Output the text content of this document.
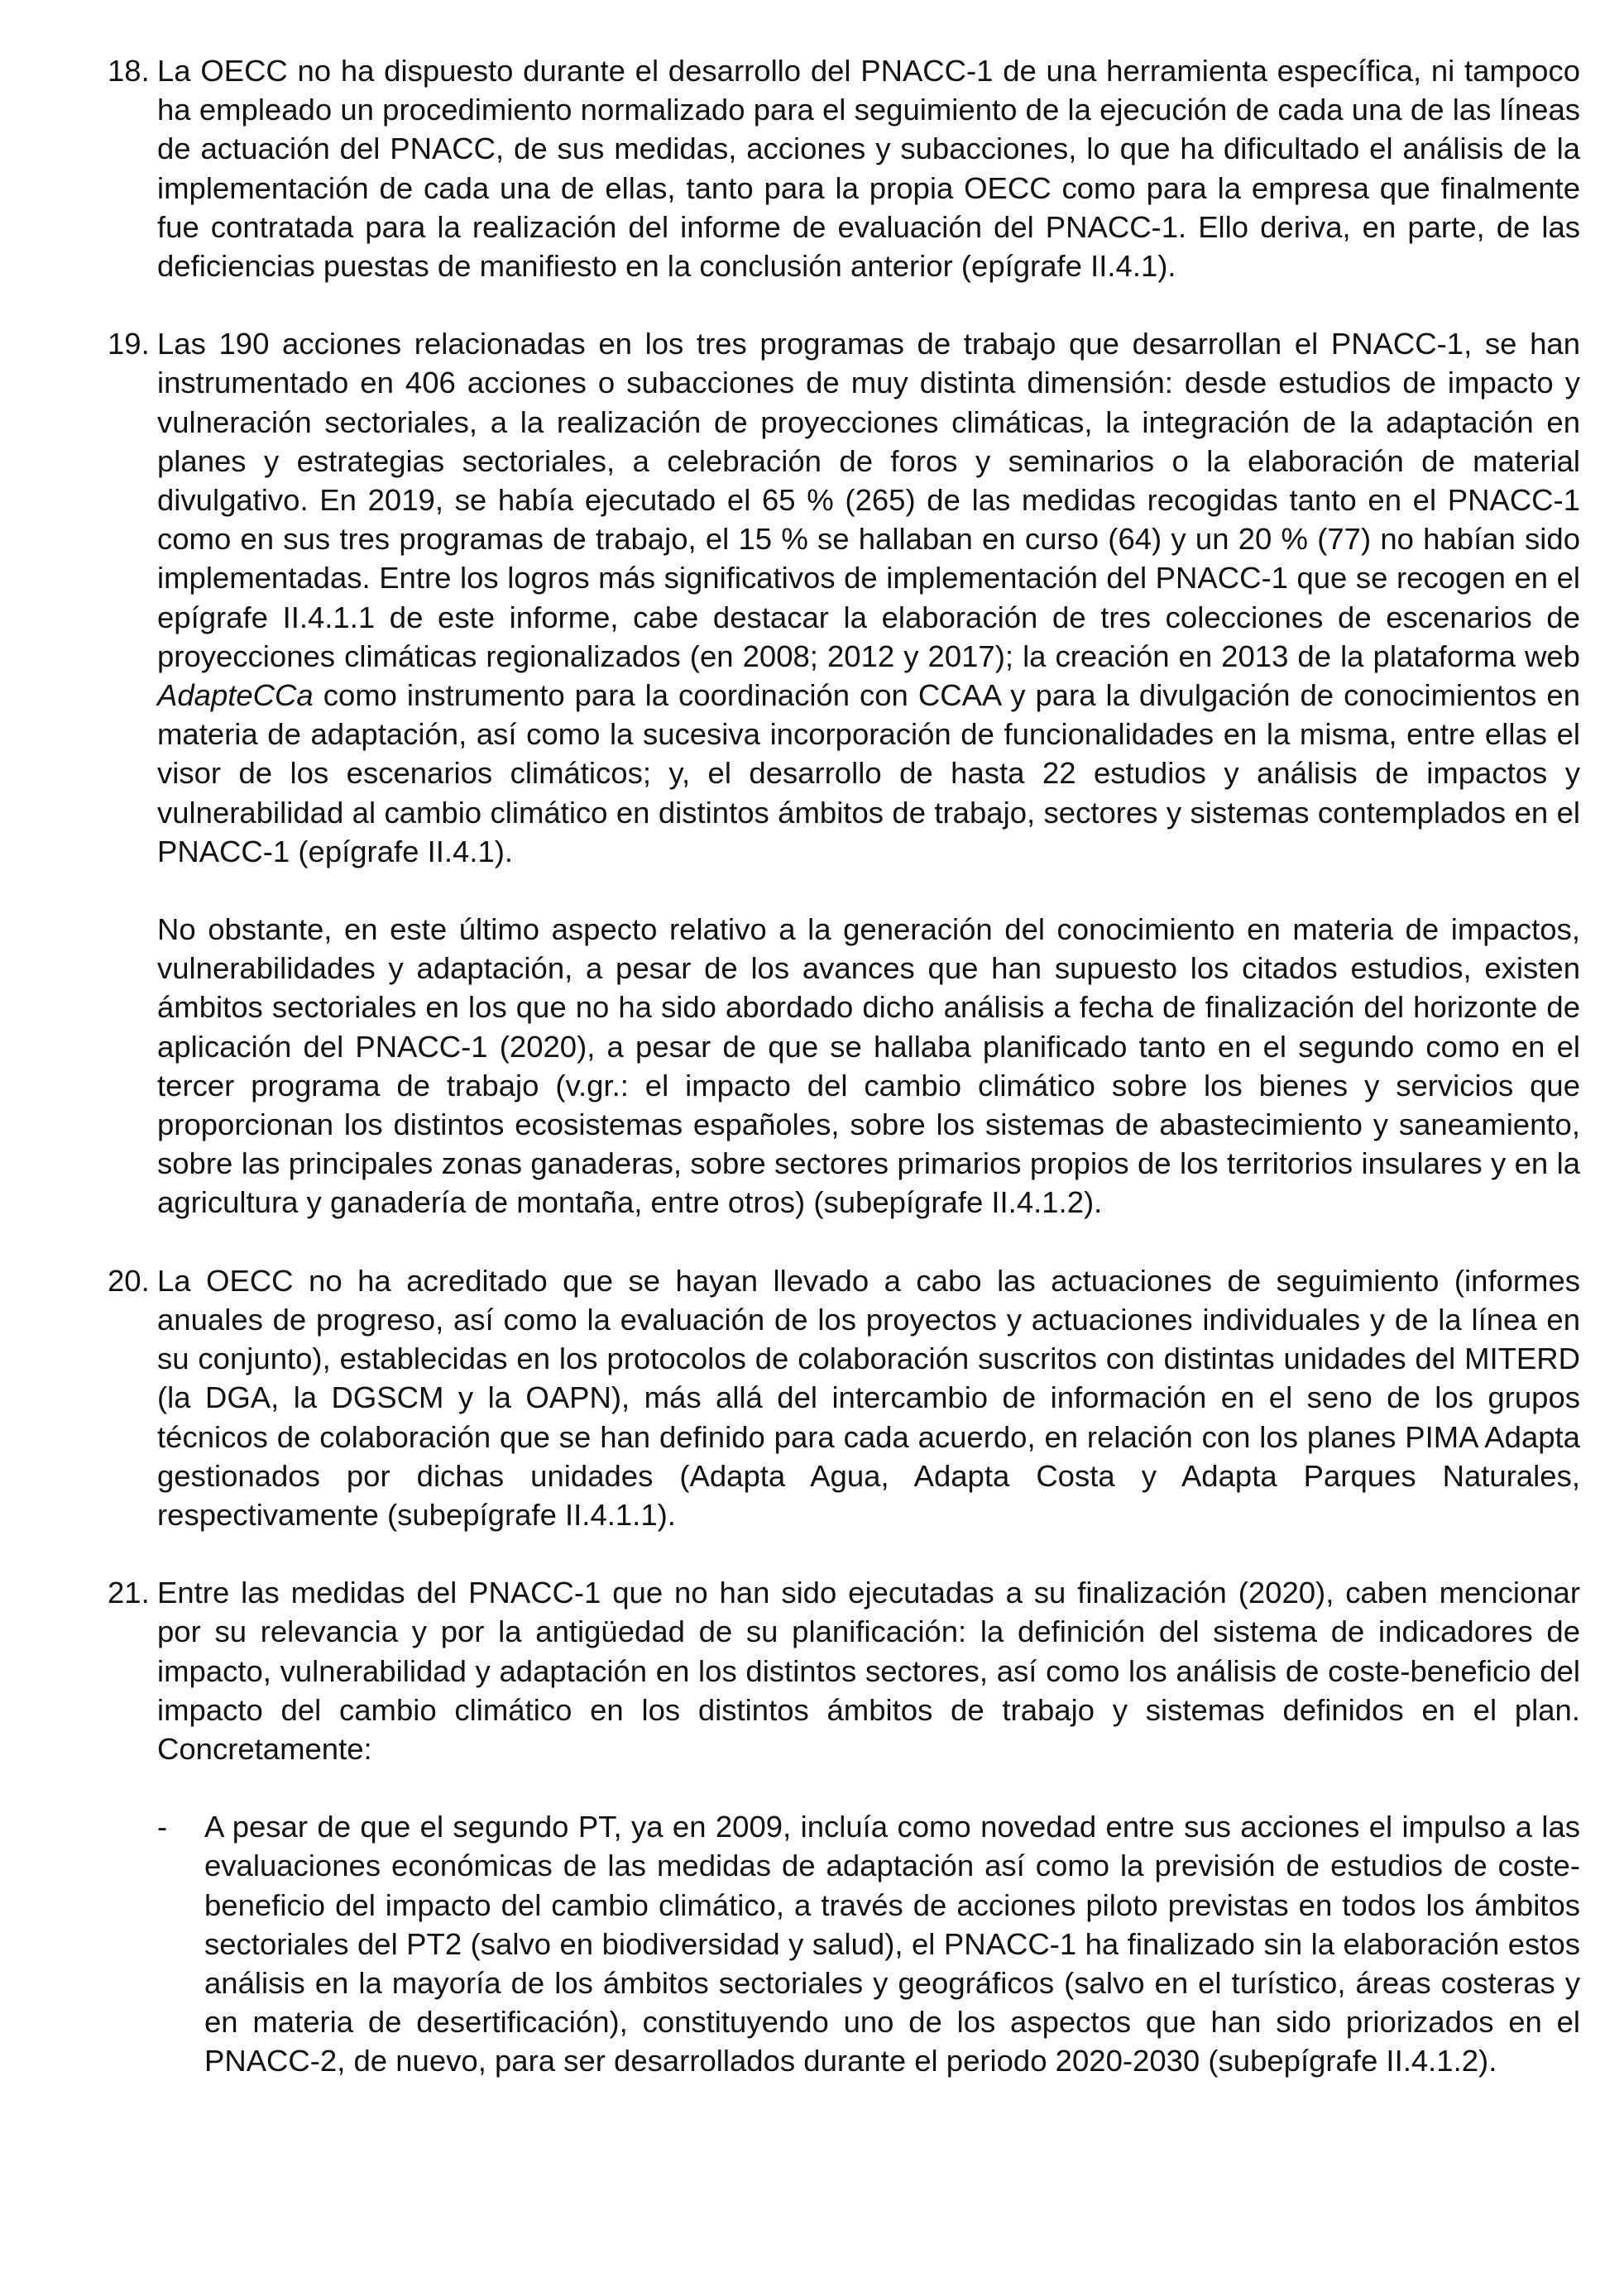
18. La OECC no ha dispuesto durante el desarrollo del PNACC-1 de una herramienta específica, ni tampoco ha empleado un procedimiento normalizado para el seguimiento de la ejecución de cada una de las líneas de actuación del PNACC, de sus medidas, acciones y subacciones, lo que ha dificultado el análisis de la implementación de cada una de ellas, tanto para la propia OECC como para la empresa que finalmente fue contratada para la realización del informe de evaluación del PNACC-1. Ello deriva, en parte, de las deficiencias puestas de manifiesto en la conclusión anterior (epígrafe II.4.1).

19. Las 190 acciones relacionadas en los tres programas de trabajo que desarrollan el PNACC-1, se han instrumentado en 406 acciones o subacciones de muy distinta dimensión: desde estudios de impacto y vulneración sectoriales, a la realización de proyecciones climáticas, la integración de la adaptación en planes y estrategias sectoriales, a celebración de foros y seminarios o la elaboración de material divulgativo. En 2019, se había ejecutado el 65 % (265) de las medidas recogidas tanto en el PNACC-1 como en sus tres programas de trabajo, el 15 % se hallaban en curso (64) y un 20 % (77) no habían sido implementadas. Entre los logros más significativos de implementación del PNACC-1 que se recogen en el epígrafe II.4.1.1 de este informe, cabe destacar la elaboración de tres colecciones de escenarios de proyecciones climáticas regionalizados (en 2008; 2012 y 2017); la creación en 2013 de la plataforma web AdapteCCa como instrumento para la coordinación con CCAA y para la divulgación de conocimientos en materia de adaptación, así como la sucesiva incorporación de funcionalidades en la misma, entre ellas el visor de los escenarios climáticos; y, el desarrollo de hasta 22 estudios y análisis de impactos y vulnerabilidad al cambio climático en distintos ámbitos de trabajo, sectores y sistemas contemplados en el PNACC-1 (epígrafe II.4.1).

No obstante, en este último aspecto relativo a la generación del conocimiento en materia de impactos, vulnerabilidades y adaptación, a pesar de los avances que han supuesto los citados estudios, existen ámbitos sectoriales en los que no ha sido abordado dicho análisis a fecha de finalización del horizonte de aplicación del PNACC-1 (2020), a pesar de que se hallaba planificado tanto en el segundo como en el tercer programa de trabajo (v.gr.: el impacto del cambio climático sobre los bienes y servicios que proporcionan los distintos ecosistemas españoles, sobre los sistemas de abastecimiento y saneamiento, sobre las principales zonas ganaderas, sobre sectores primarios propios de los territorios insulares y en la agricultura y ganadería de montaña, entre otros) (subepígrafe II.4.1.2).

20. La OECC no ha acreditado que se hayan llevado a cabo las actuaciones de seguimiento (informes anuales de progreso, así como la evaluación de los proyectos y actuaciones individuales y de la línea en su conjunto), establecidas en los protocolos de colaboración suscritos con distintas unidades del MITERD (la DGA, la DGSCM y la OAPN), más allá del intercambio de información en el seno de los grupos técnicos de colaboración que se han definido para cada acuerdo, en relación con los planes PIMA Adapta gestionados por dichas unidades (Adapta Agua, Adapta Costa y Adapta Parques Naturales, respectivamente (subepígrafe II.4.1.1).

21. Entre las medidas del PNACC-1 que no han sido ejecutadas a su finalización (2020), caben mencionar por su relevancia y por la antigüedad de su planificación: la definición del sistema de indicadores de impacto, vulnerabilidad y adaptación en los distintos sectores, así como los análisis de coste-beneficio del impacto del cambio climático en los distintos ámbitos de trabajo y sistemas definidos en el plan. Concretamente:

- A pesar de que el segundo PT, ya en 2009, incluía como novedad entre sus acciones el impulso a las evaluaciones económicas de las medidas de adaptación así como la previsión de estudios de coste-beneficio del impacto del cambio climático, a través de acciones piloto previstas en todos los ámbitos sectoriales del PT2 (salvo en biodiversidad y salud), el PNACC-1 ha finalizado sin la elaboración estos análisis en la mayoría de los ámbitos sectoriales y geográficos (salvo en el turístico, áreas costeras y en materia de desertificación), constituyendo uno de los aspectos que han sido priorizados en el PNACC-2, de nuevo, para ser desarrollados durante el periodo 2020-2030 (subepígrafe II.4.1.2).
